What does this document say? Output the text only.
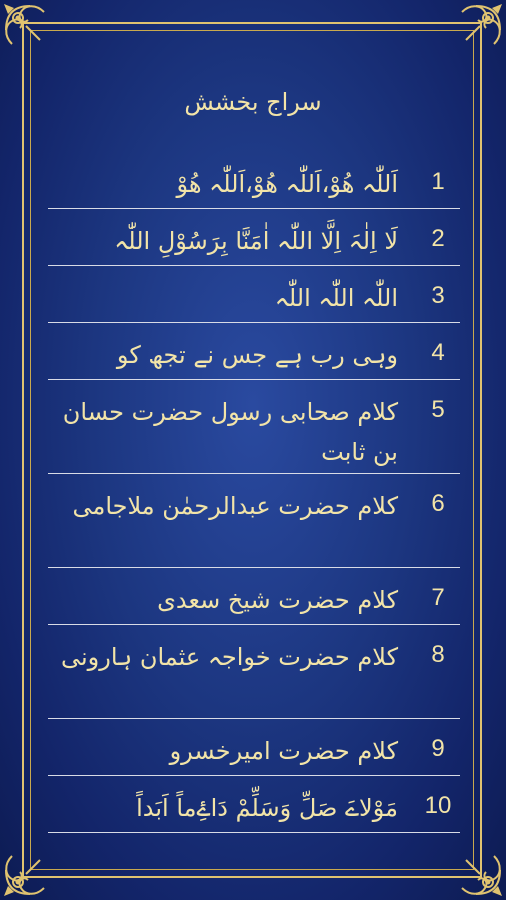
سراج بخشش
1
اَللّٰہ ھُوْ،اَللّٰہ ھُوْ،اَللّٰہ ھُوْ
2
لَا اِلٰہَ اِلَّا اللّٰہ اٰمَنَّا بِرَسُوْلِ اللّٰہ
3
اللّٰہ اللّٰہ اللّٰہ
4
وہی رب ہے جس نے تجھ کو
5
کلام صحابی رسول حضرت حسان بن ثابت
6
کلام حضرت عبدالرحمٰن ملاجامی
7
کلام حضرت شیخ سعدی
8
کلام حضرت خواجہ عثمان ہارونی
9
کلام حضرت امیرخسرو
10
مَوْلاےَ صَلِّ وَسَلِّمْ دَاۓِماً اَبَداً
